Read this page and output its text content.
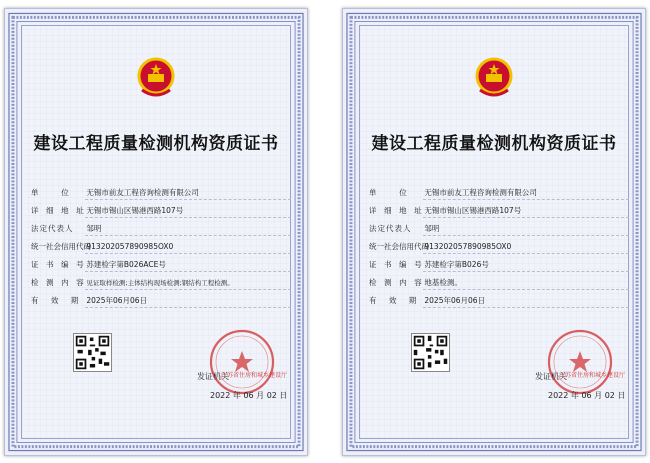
建设工程质量检测机构资质证书
单　　位 无锡市前友工程咨询检测有限公司
详 细 地 址 无锡市锡山区锡港西路107号
法定代表人 邹明
统一社会信用代码 913202057890985OX0
证 书 编 号 苏建检字第B026ACE号
检 测 内 容 见证取样检测;主体结构现场检测;钢结构工程检测。
有 效 期 2025年06月06日
发证机关
江苏省住房和城乡建设厅
2022 年 06 月 02 日
建设工程质量检测机构资质证书
单　　位 无锡市前友工程咨询检测有限公司
详 细 地 址 无锡市锡山区锡港西路107号
法定代表人 邹明
统一社会信用代码 913202057890985OX0
证 书 编 号 苏建检字第B026号
检 测 内 容 地基检测。
有 效 期 2025年06月06日
发证机关
江苏省住房和城乡建设厅
2022 年 06 月 02 日
